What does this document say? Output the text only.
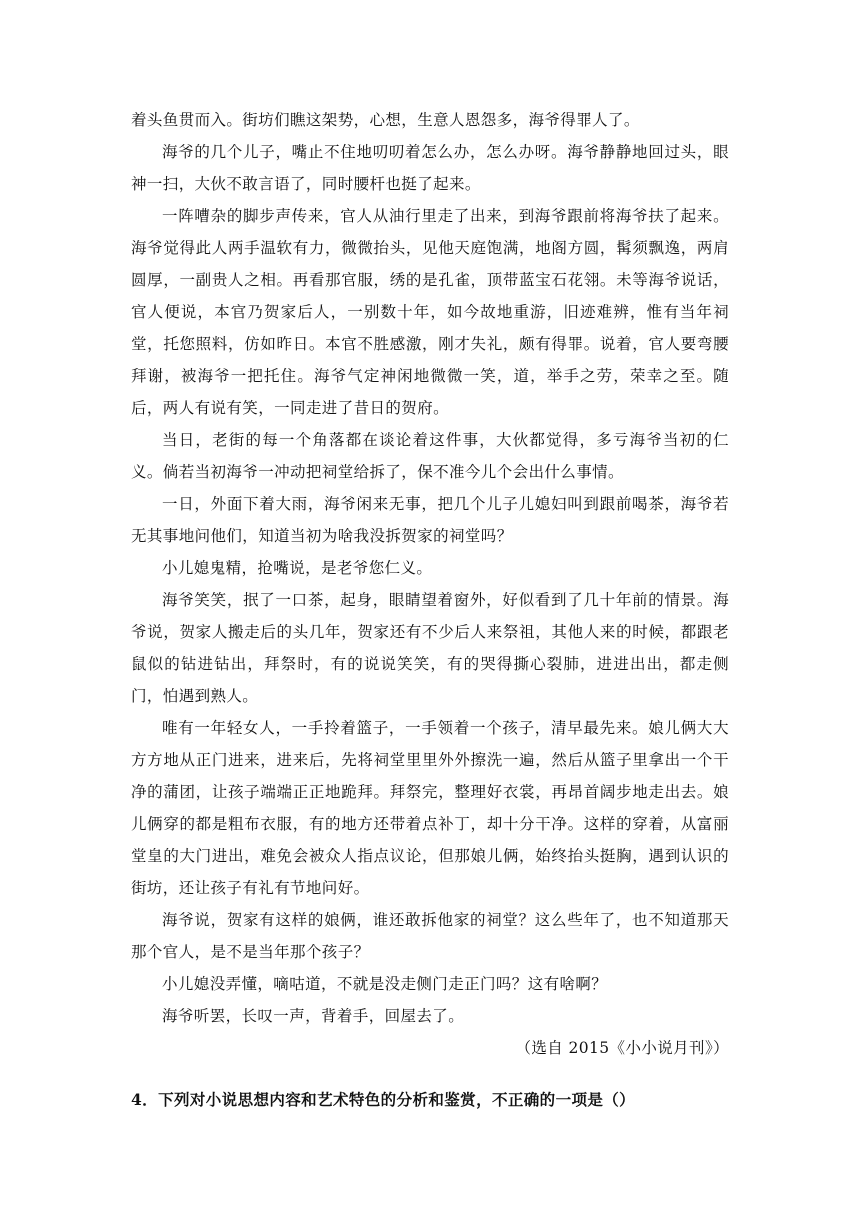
着头鱼贯而入。街坊们瞧这架势，心想，生意人恩怨多，海爷得罪人了。

海爷的几个儿子，嘴止不住地叨叨着怎么办，怎么办呀。海爷静静地回过头，眼神一扫，大伙不敢言语了，同时腰杆也挺了起来。

一阵嘈杂的脚步声传来，官人从油行里走了出来，到海爷跟前将海爷扶了起来。海爷觉得此人两手温软有力，微微抬头，见他天庭饱满，地阁方圆，髯须飘逸，两肩圆厚，一副贵人之相。再看那官服，绣的是孔雀，顶带蓝宝石花翎。未等海爷说话，官人便说，本官乃贺家后人，一别数十年，如今故地重游，旧迹难辨，惟有当年祠堂，托您照料，仿如昨日。本官不胜感激，刚才失礼，颇有得罪。说着，官人要弯腰拜谢，被海爷一把托住。海爷气定神闲地微微一笑，道，举手之劳，荣幸之至。随后，两人有说有笑，一同走进了昔日的贺府。

当日，老街的每一个角落都在谈论着这件事，大伙都觉得，多亏海爷当初的仁义。倘若当初海爷一冲动把祠堂给拆了，保不准今儿个会出什么事情。

一日，外面下着大雨，海爷闲来无事，把几个儿子儿媳妇叫到跟前喝茶，海爷若无其事地问他们，知道当初为啥我没拆贺家的祠堂吗？

小儿媳鬼精，抢嘴说，是老爷您仁义。

海爷笑笑，抿了一口茶，起身，眼睛望着窗外，好似看到了几十年前的情景。海爷说，贺家人搬走后的头几年，贺家还有不少后人来祭祖，其他人来的时候，都跟老鼠似的钻进钻出，拜祭时，有的说说笑笑，有的哭得撕心裂肺，进进出出，都走侧门，怕遇到熟人。

唯有一年轻女人，一手拎着篮子，一手领着一个孩子，清早最先来。娘儿俩大大方方地从正门进来，进来后，先将祠堂里里外外擦洗一遍，然后从篮子里拿出一个干净的蒲团，让孩子端端正正地跪拜。拜祭完，整理好衣裳，再昂首阔步地走出去。娘儿俩穿的都是粗布衣服，有的地方还带着点补丁，却十分干净。这样的穿着，从富丽堂皇的大门进出，难免会被众人指点议论，但那娘儿俩，始终抬头挺胸，遇到认识的街坊，还让孩子有礼有节地问好。

海爷说，贺家有这样的娘俩，谁还敢拆他家的祠堂？这么些年了，也不知道那天那个官人，是不是当年那个孩子？

小儿媳没弄懂，嘀咕道，不就是没走侧门走正门吗？这有啥啊？

海爷听罢，长叹一声，背着手，回屋去了。

（选自 2015《小小说月刊》）

4．下列对小说思想内容和艺术特色的分析和鉴赏，不正确的一项是（）
